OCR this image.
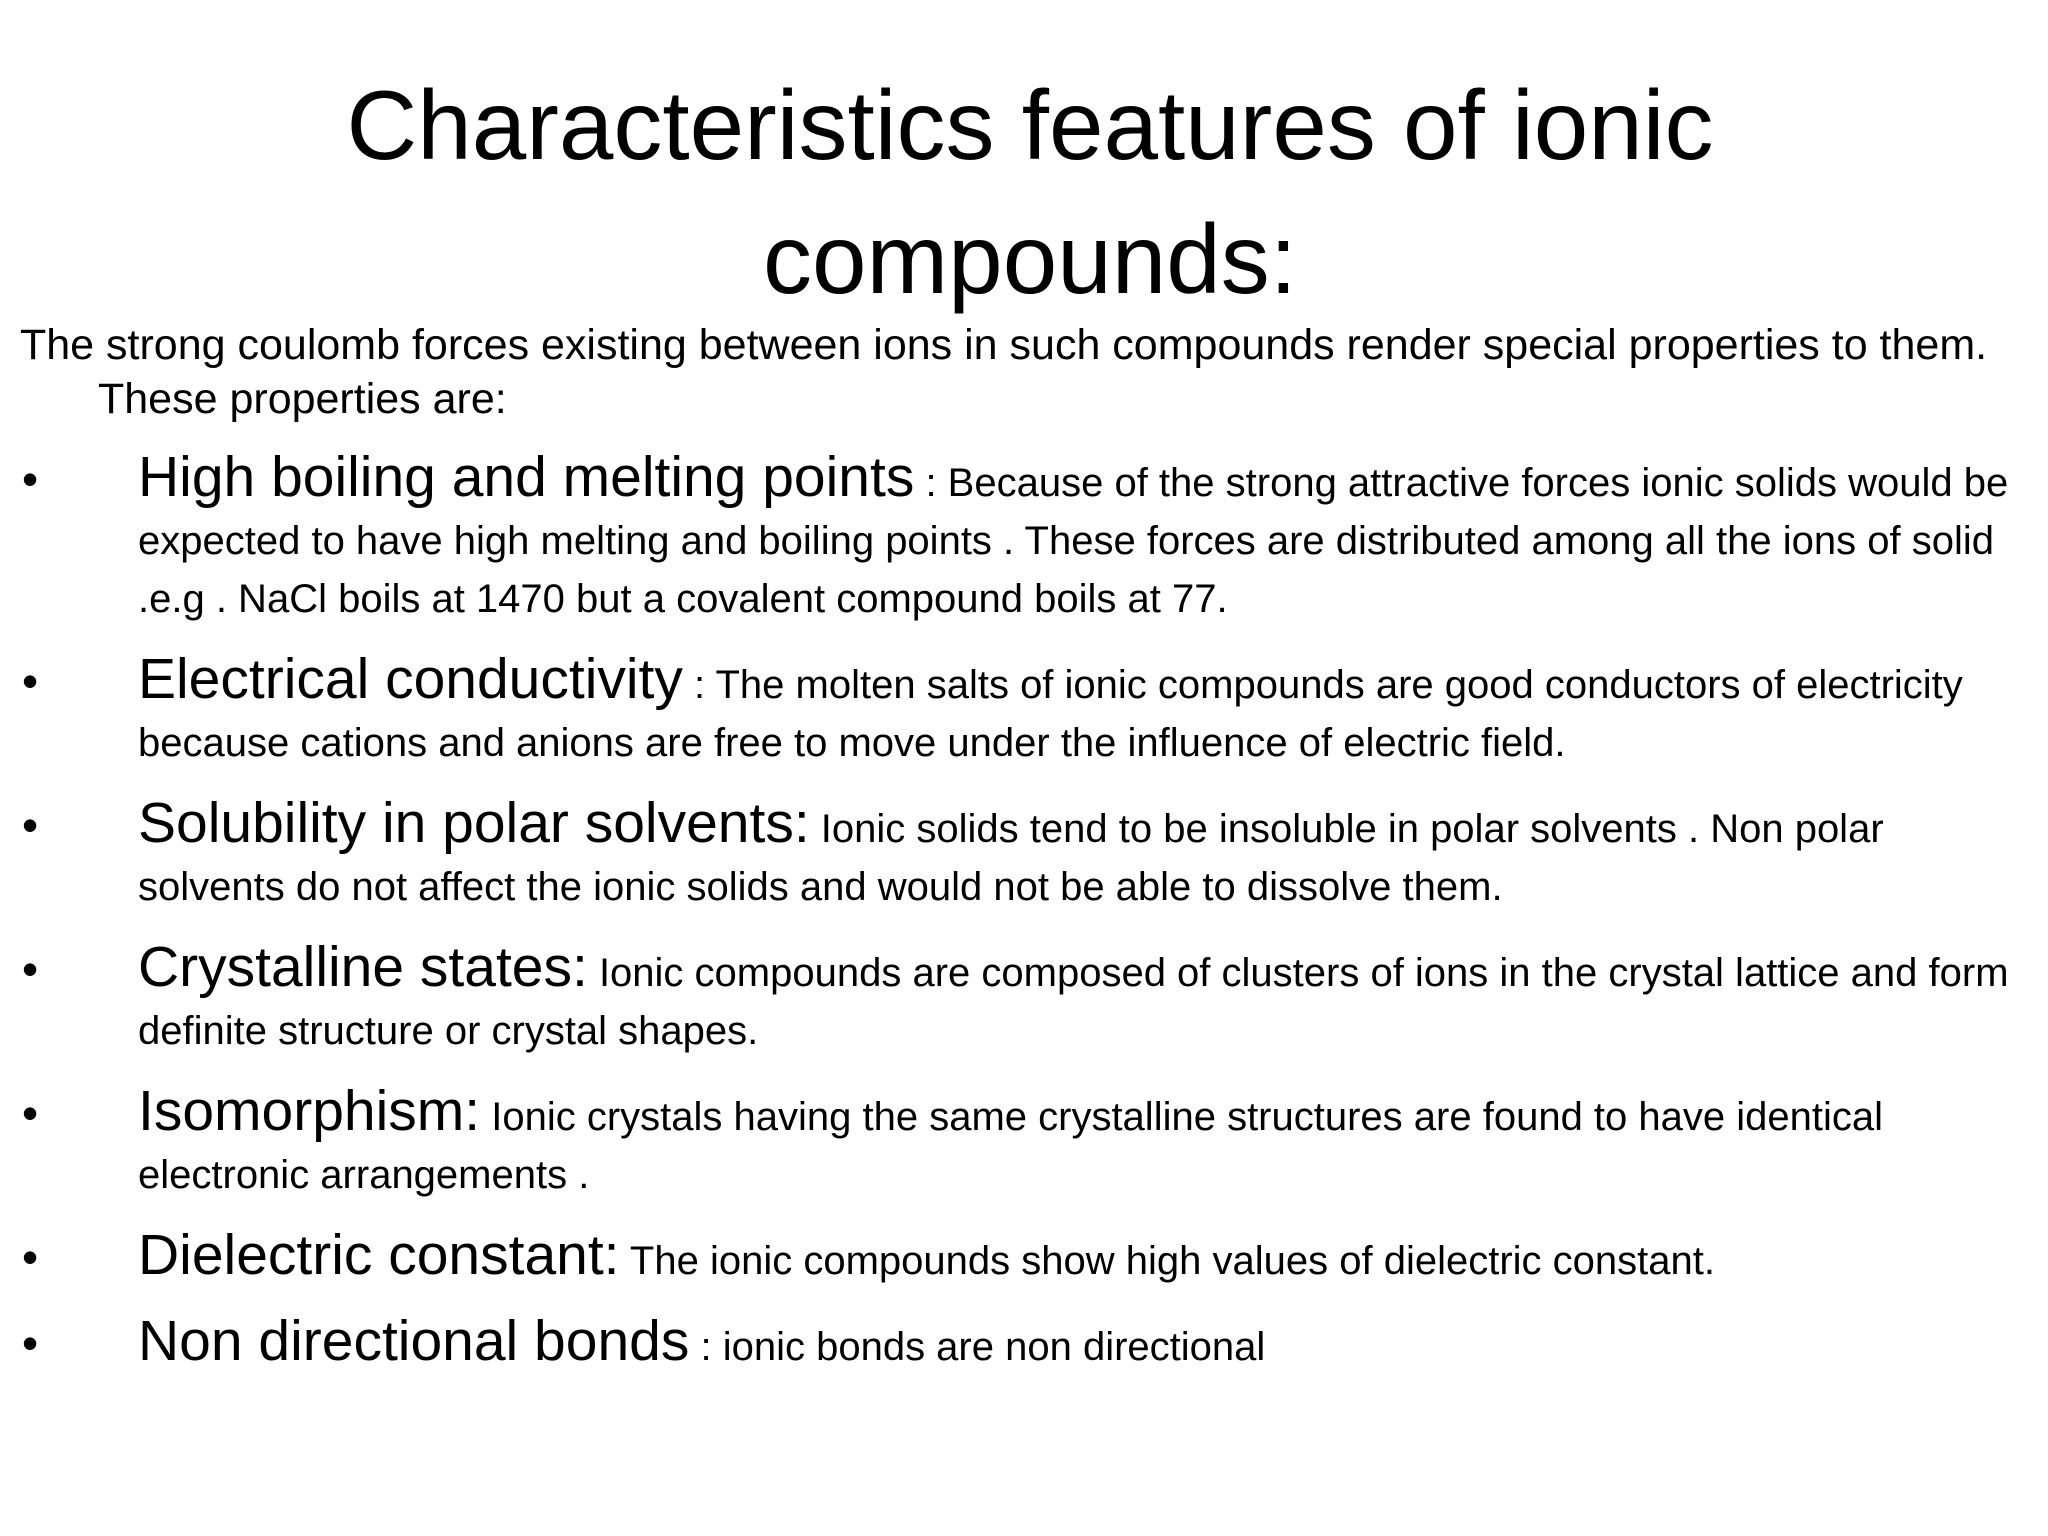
Characteristics features of ionic compounds:

The strong coulomb forces existing between ions in such compounds render special properties to them. These properties are:

• High boiling and melting points : Because of the strong attractive forces ionic solids would be expected to have high melting and boiling points . These forces are distributed among all the ions of solid .e.g . NaCl boils at 1470 but a covalent compound boils at 77.
• Electrical conductivity : The molten salts of ionic compounds are good conductors of electricity because cations and anions are free to move under the influence of electric field.
• Solubility in polar solvents: Ionic solids tend to be insoluble in polar solvents . Non polar solvents do not affect the ionic solids and would not be able to dissolve them.
• Crystalline states: Ionic compounds are composed of clusters of ions in the crystal lattice and form definite structure or crystal shapes.
• Isomorphism: Ionic crystals having the same crystalline structures are found to have identical electronic arrangements .
• Dielectric constant: The ionic compounds show high values of dielectric constant.
• Non directional bonds : ionic bonds are non directional
